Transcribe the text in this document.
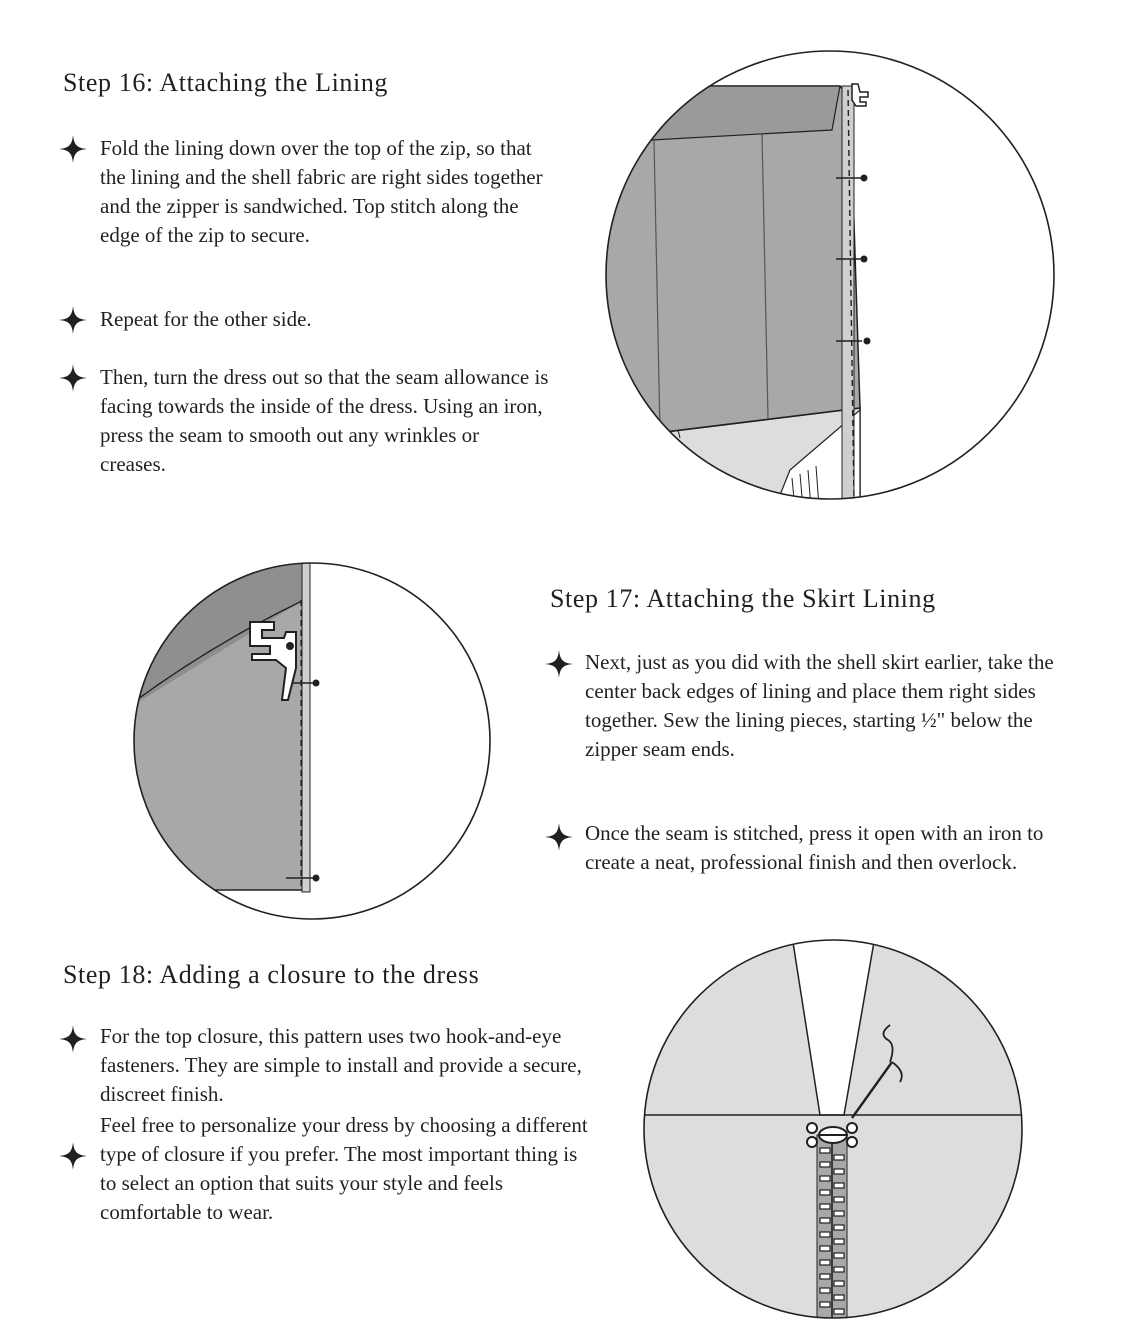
Step 16: Attaching the Lining

Fold the lining down over the top of the zip, so that the lining and the shell fabric are right sides together and the zipper is sandwiched. Top stitch along the edge of the zip to secure.

Repeat for the other side.

Then, turn the dress out so that the seam allowance is facing towards the inside of the dress. Using an iron, press the seam to smooth out any wrinkles or creases.

Step 17: Attaching the Skirt Lining

Next, just as you did with the shell skirt earlier, take the center back edges of lining and place them right sides together. Sew the lining pieces, starting ½" below the zipper seam ends.

Once the seam is stitched, press it open with an iron to create a neat, professional finish and then overlock.

Step 18: Adding a closure to the dress

For the top closure, this pattern uses two hook-and-eye fasteners. They are simple to install and provide a secure, discreet finish.

Feel free to personalize your dress by choosing a different type of closure if you prefer. The most important thing is to select an option that suits your style and feels comfortable to wear.
